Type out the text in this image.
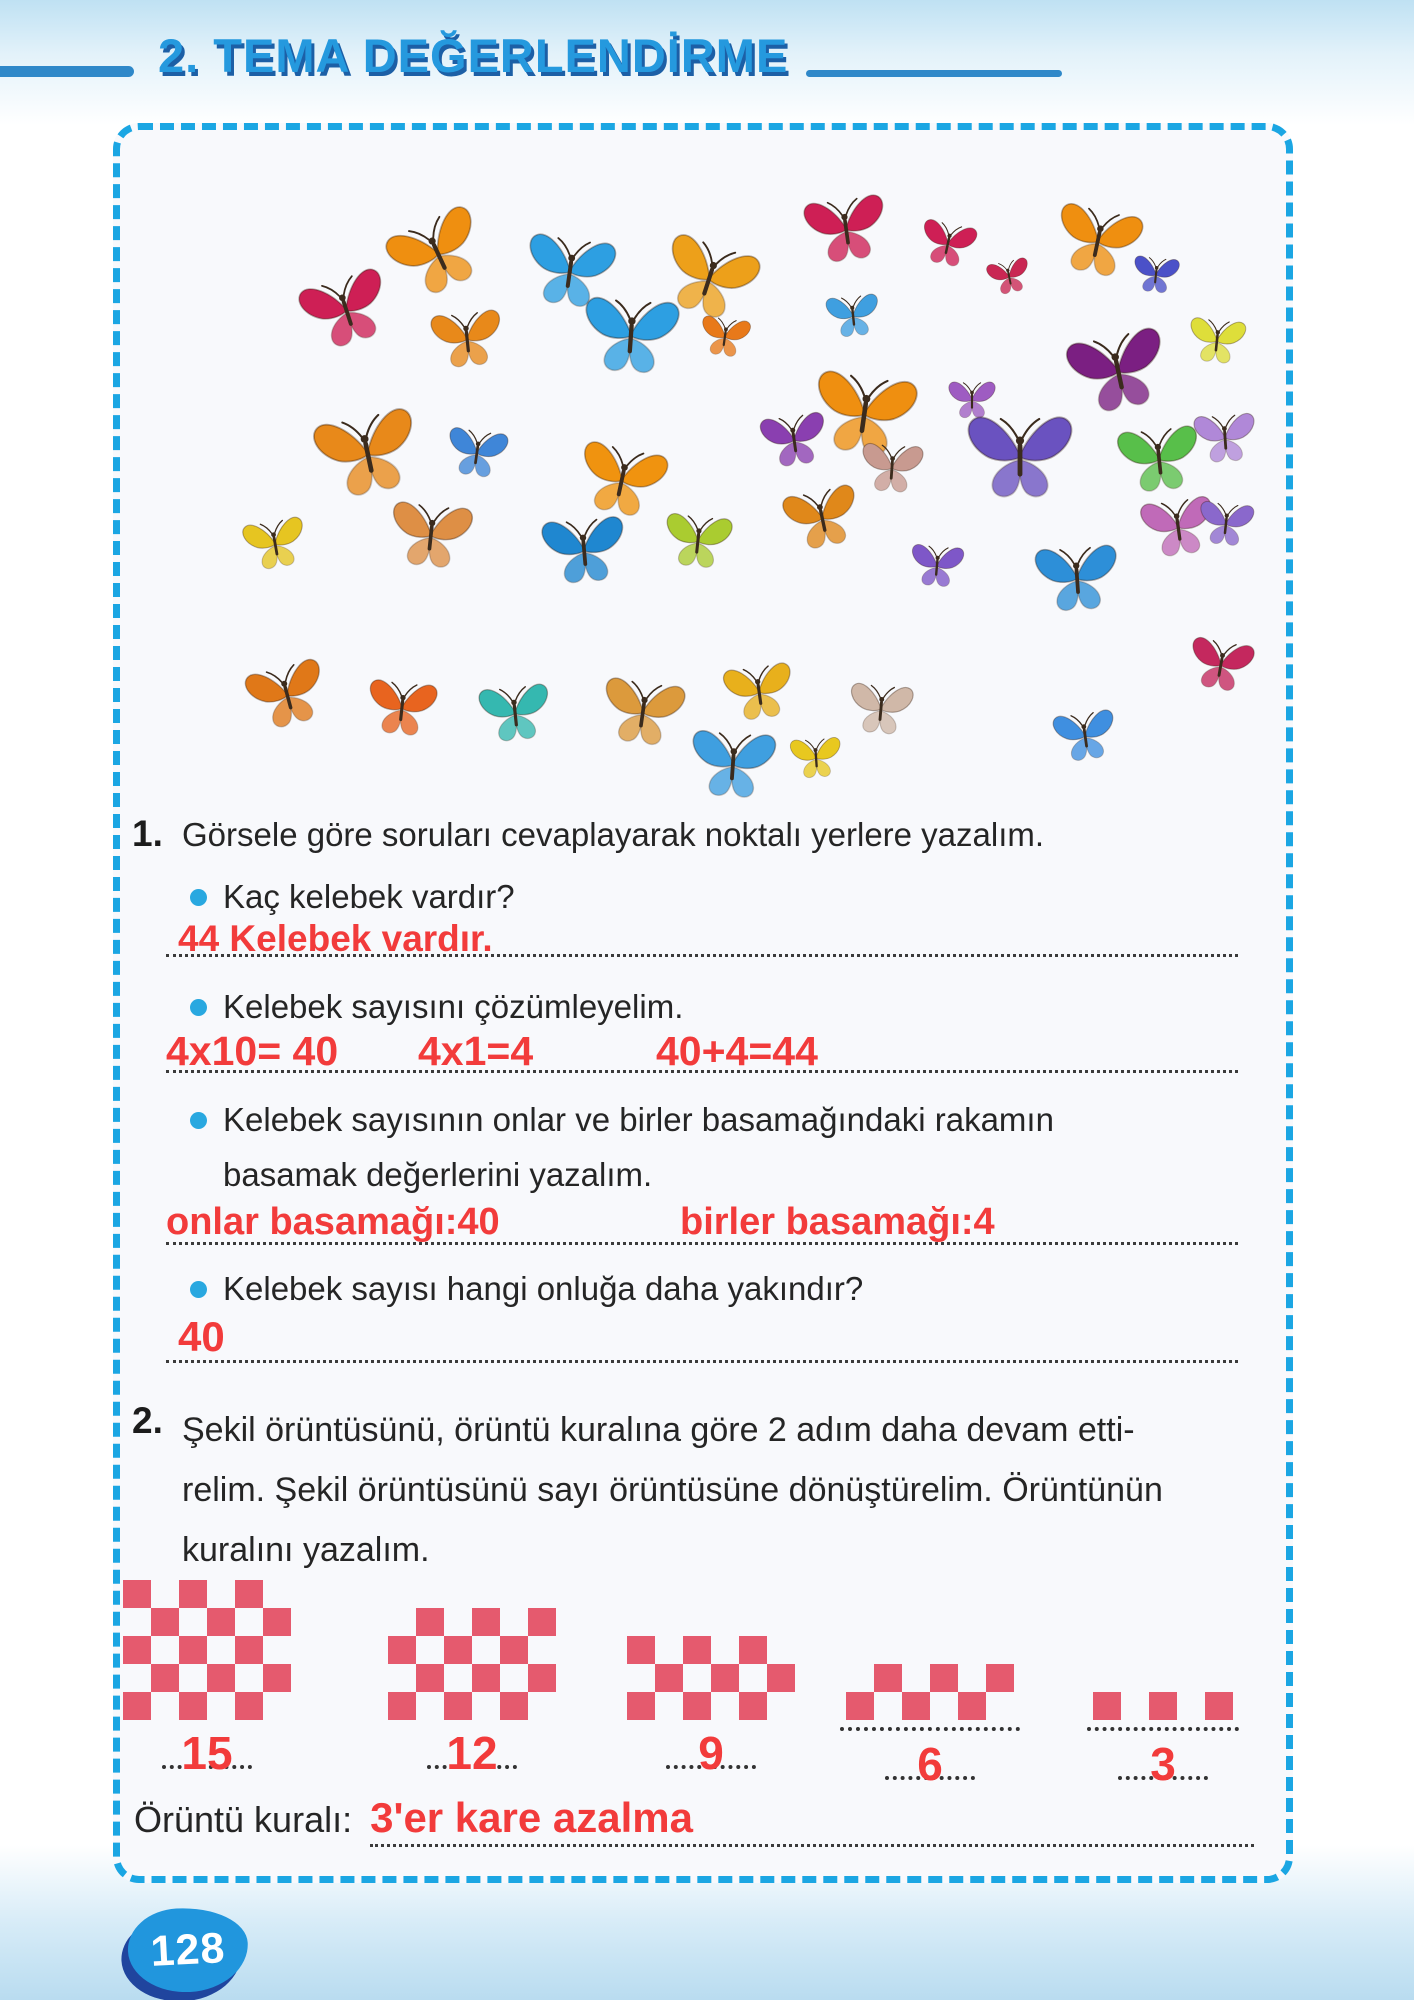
2. TEMA DEĞERLENDİRME
1. Görsele göre soruları cevaplayarak noktalı yerlere yazalım.
Kaç kelebek vardır?
44 Kelebek vardır.
Kelebek sayısını çözümleyelim.
4x10= 40 4x1=4	40+4=44
Kelebek sayısının onlar ve birler basamağındaki rakamın
basamak değerlerini yazalım.
onlar basamağı:40	birler basamağı:4
Kelebek sayısı hangi onluğa daha yakındır?
40
2. Şekil örüntüsünü, örüntü kuralına göre 2 adım daha devam etti-
relim. Şekil örüntüsünü sayı örüntüsüne dönüştürelim. Örüntünün
kuralını yazalım.
15	12	9	6	3
Örüntü kuralı: 3'er kare azalma
128
